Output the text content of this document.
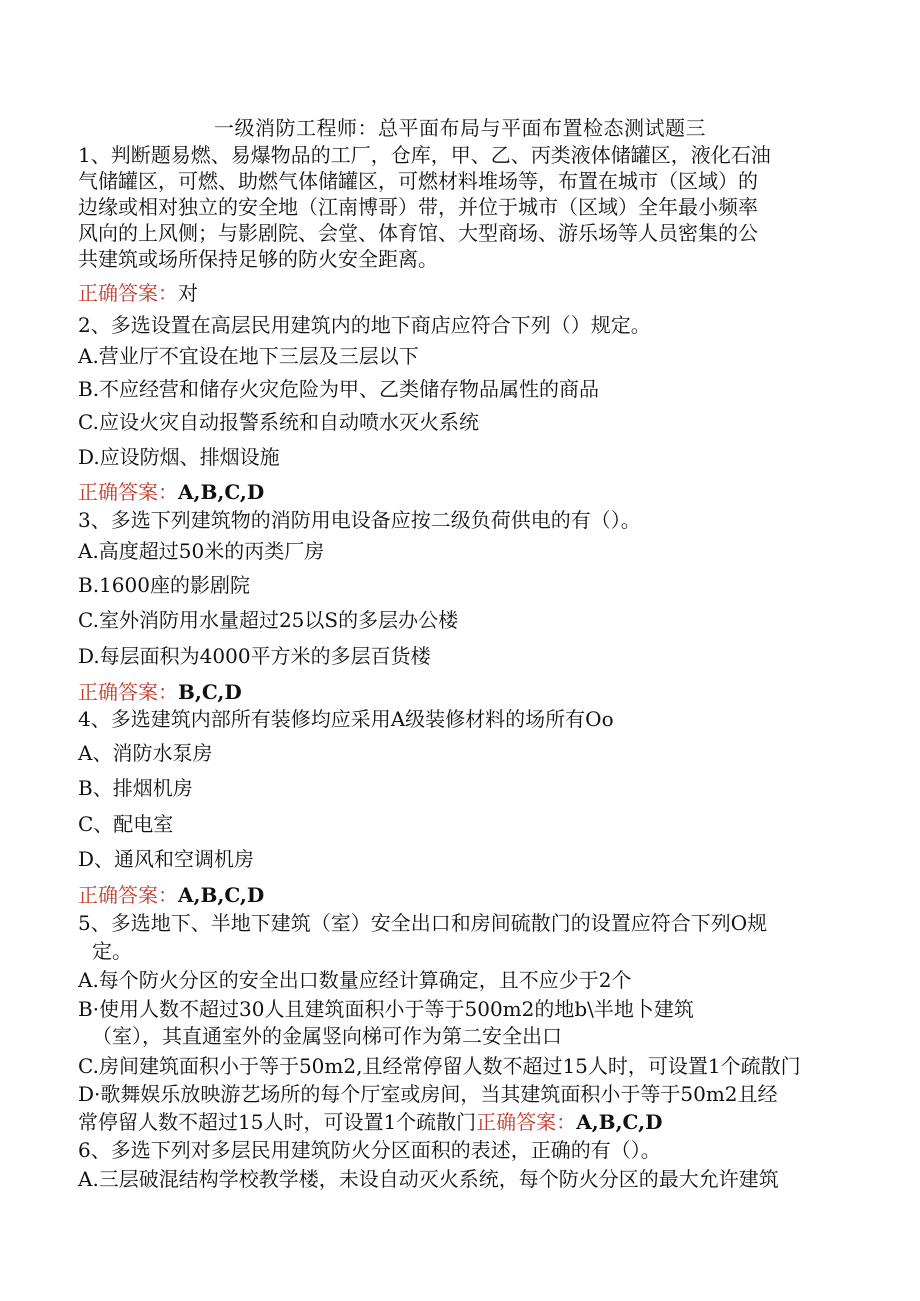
一级消防工程师：总平面布局与平面布置检态测试题三
1、判断题易燃、易爆物品的工厂，仓库，甲、乙、丙类液体储罐区，液化石油
气储罐区，可燃、助燃气体储罐区，可燃材料堆场等，布置在城市（区域）的
边缘或相对独立的安全地（江南博哥）带，并位于城市（区域）全年最小频率
风向的上风侧；与影剧院、会堂、体育馆、大型商场、游乐场等人员密集的公
共建筑或场所保持足够的防火安全距离。
正确答案：对
2、多选设置在高层民用建筑内的地下商店应符合下列（）规定。
A.营业厅不宜设在地下三层及三层以下
B.不应经营和储存火灾危险为甲、乙类储存物品属性的商品
C.应设火灾自动报警系统和自动喷水灭火系统
D.应设防烟、排烟设施
正确答案：A,B,C,D
3、多选下列建筑物的消防用电设备应按二级负荷供电的有（）。
A.高度超过50米的丙类厂房
B.1600座的影剧院
C.室外消防用水量超过25以S的多层办公楼
D.每层面积为4000平方米的多层百货楼
正确答案：B,C,D
4、多选建筑内部所有装修均应采用A级装修材料的场所有Oo
A、消防水泵房
B、排烟机房
C、配电室
D、通风和空调机房
正确答案：A,B,C,D
5、多选地下、半地下建筑（室）安全出口和房间硫散门的设置应符合下列O规
定。
A.每个防火分区的安全出口数量应经计算确定，且不应少于2个
B·使用人数不超过30人且建筑面积小于等于500m2的地b\半地卜建筑
（室），其直通室外的金属竖向梯可作为第二安全出口
C.房间建筑面积小于等于50m2,且经常停留人数不超过15人时，可设置1个疏散门
D·歌舞娱乐放映游艺场所的每个厅室或房间，当其建筑面积小于等于50m2且经
常停留人数不超过15人时，可设置1个疏散门正确答案：A,B,C,D
6、多选下列对多层民用建筑防火分区面积的表述，正确的有（）。
A.三层破混结构学校教学楼，未设自动灭火系统，每个防火分区的最大允许建筑
